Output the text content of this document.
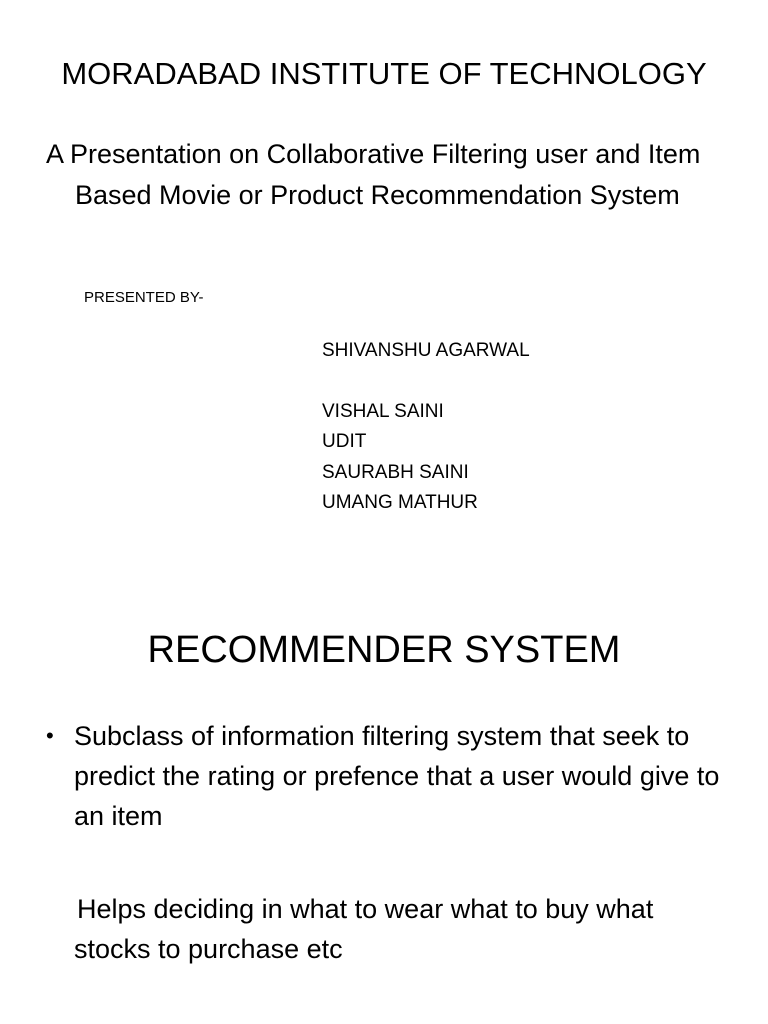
MORADABAD INSTITUTE OF TECHNOLOGY
A Presentation on Collaborative Filtering user and Item Based Movie or Product Recommendation System
PRESENTED BY-
SHIVANSHU AGARWAL
VISHAL SAINI
UDIT
SAURABH SAINI
UMANG MATHUR
RECOMMENDER SYSTEM
• Subclass of information filtering system that seek to predict the rating or prefence that a user would give to an item
Helps deciding in what to wear what to buy what stocks to purchase etc
